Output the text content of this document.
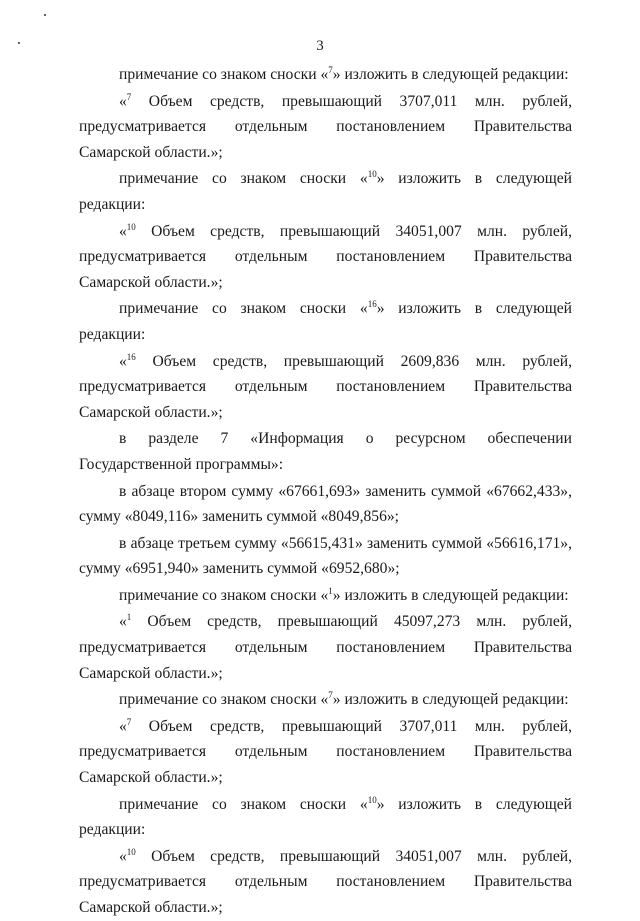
3

примечание со знаком сноски «$^7$» изложить в следующей редакции:

«$^7$ Объем средств, превышающий 3707,011 млн. рублей, предусматривается отдельным постановлением Правительства Самарской области.»;

примечание со знаком сноски «$^{10}$» изложить в следующей редакции:

«$^{10}$ Объем средств, превышающий 34051,007 млн. рублей, предусматривается отдельным постановлением Правительства Самарской области.»;

примечание со знаком сноски «$^{16}$» изложить в следующей редакции:

«$^{16}$ Объем средств, превышающий 2609,836 млн. рублей, предусматривается отдельным постановлением Правительства Самарской области.»;

в разделе 7 «Информация о ресурсном обеспечении Государственной программы»:

в абзаце втором сумму «67661,693» заменить суммой «67662,433», сумму «8049,116» заменить суммой «8049,856»;

в абзаце третьем сумму «56615,431» заменить суммой «56616,171», сумму «6951,940» заменить суммой «6952,680»;

примечание со знаком сноски «$^1$» изложить в следующей редакции:

«$^1$ Объем средств, превышающий 45097,273 млн. рублей, предусматривается отдельным постановлением Правительства Самарской области.»;

примечание со знаком сноски «$^7$» изложить в следующей редакции:

«$^7$ Объем средств, превышающий 3707,011 млн. рублей, предусматривается отдельным постановлением Правительства Самарской области.»;

примечание со знаком сноски «$^{10}$» изложить в следующей редакции:

«$^{10}$ Объем средств, превышающий 34051,007 млн. рублей, предусматривается отдельным постановлением Правительства Самарской области.»;
